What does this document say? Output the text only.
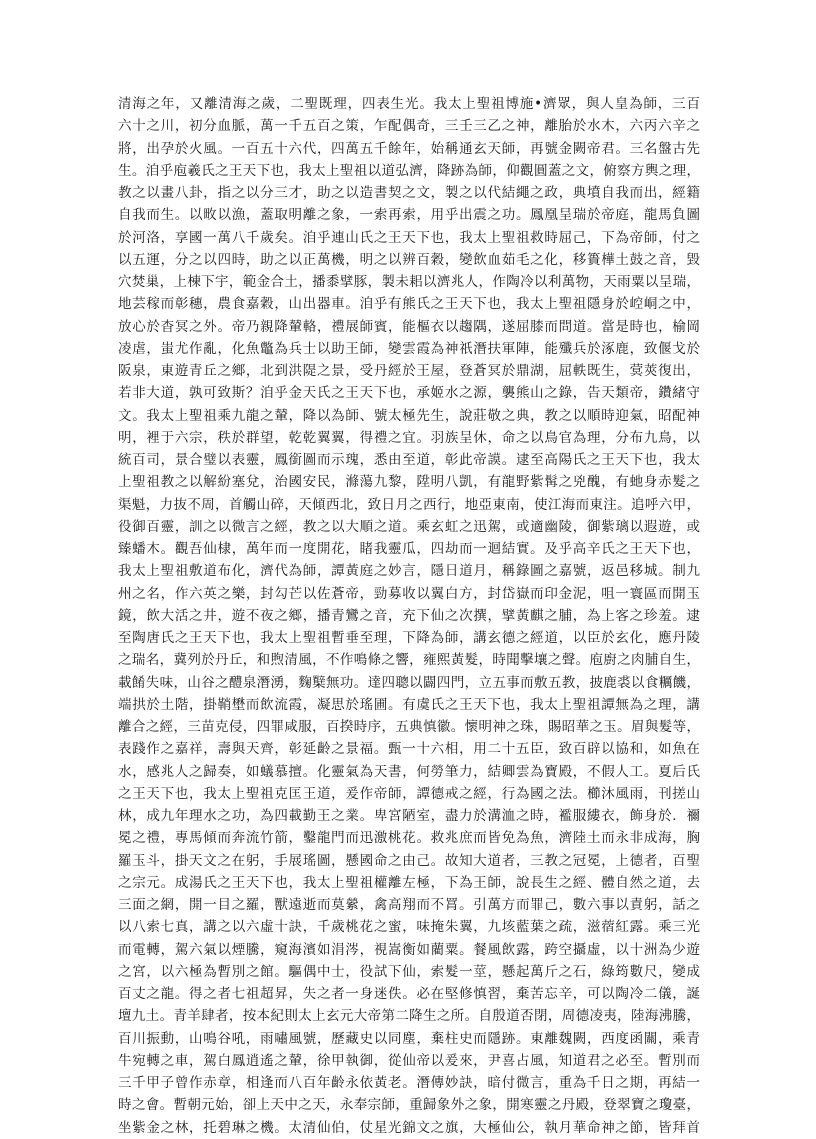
清海之年，又離清海之歲，二聖既理，四表生光。我太上聖祖博施•濟眾，與人皇為師，三百
六十之川，初分血脈，萬一千五百之策，乍配偶奇，三壬三乙之神，離胎於水木，六丙六辛之
將，出孕於火風。一百五十六代，四萬五千餘年，始稱通玄天師，再號金闕帝君。三名盤古先
生。洎乎庖羲氏之王天下也，我太上聖祖以道弘濟，降跡為師，仰觀圓蓋之文，俯察方輿之理，
教之以畫八卦，指之以分三才，助之以造書契之文，製之以代結繩之政，典墳自我而出，經籍
自我而生。以畋以漁，蓋取明離之象，一索再索，用乎出震之功。鳳凰呈瑞於帝庭，龍馬負圖
於河洛，享國一萬八千歲矣。洎乎連山氏之王天下也，我太上聖祖救時屈己，下為帝師，付之
以五運，分之以四時，助之以正萬機，明之以辨百穀，變飲血茹毛之化，移簣樺土鼓之音，毀
穴焚巢，上棟下宇，範金合土，播黍擘豚，製未耜以濟兆人，作陶冷以利萬物，天雨粟以呈瑞，
地芸稼而彰穗，農食嘉穀，山出器車。洎乎有熊氏之王天下也，我太上聖祖隱身於崆峒之中，
放心於杳冥之外。帝乃親降輦輅，禮展師賓，能樞衣以趨隅，遂屈膝而問道。當是時也，榆岡
凌虐，蚩尤作亂，化魚鼈為兵士以助王師，變雲霞為神祇潛扶軍陣，能殲兵於涿鹿，致偃戈於
阪泉，東遊青丘之鄉，北到洪隄之景，受丹經於王屋，登蒼冥於鼎湖，屈軼既生，蓂莢復出，
若非大道，孰可致斯？洎乎金天氏之王天下也，承姬水之源，襲熊山之錄，告天類帝，鑽緒守
文。我太上聖祖乘九龍之輦，降以為師、號太極先生，說莊敬之典，教之以順時迎氣，昭配神
明，裡于六宗，秩於群望，乾乾翼翼，得禮之宜。羽族呈休，命之以鳥官為理，分布九鳥，以
統百司，景合璧以表靈，鳳銜圖而示瑰，悉由至道，彰此帝謨。逮至高陽氏之王天下也，我太
上聖祖教之以解紛塞兌，治國安民，滌蕩九黎，陞明八凱，有龍野紫髯之兇醜，有虵身赤髮之
渠魁，力抜不周，首觸山碎，天傾西北，致日月之西行，地亞東南，使江海而東注。追呼六甲，
役御百靈，訓之以微言之經，教之以大順之道。乘玄虹之迅駕，或適幽陵，御紫璃以遐遊，或
臻蟠木。觀吾仙棣，萬年而一度開花，睹我靈瓜，四劫而一迴結實。及乎高辛氏之王天下也，
我太上聖祖敷道布化，濟代為師，譚黃庭之妙言，隱日道月，稱錄圖之嘉號，返邑移城。制九
州之名，作六英之樂，封勾芒以佐蒼帝，勁募收以翼白方，封岱嶽而印金泥，咀一寰區而開玉
鏡，飲大活之井，遊不夜之鄉，播青鸞之音，充下仙之次撰，擘黃麒之脯，為上客之珍羞。逮
至陶唐氏之王天下也，我太上聖祖暫垂至理，下降為師，講玄德之經道，以臣於玄化，應丹陵
之瑞名，冀列於丹丘，和煦清風，不作鳴條之響，雍熙黃髮，時聞擊壤之聲。庖廚之肉脯自生，
載餚失味，山谷之醴泉潛湧，麴櫱無功。達四聰以闢四門，立五事而敷五教，披鹿裘以食糲饑，
端拱於土階，掛鞘壄而飲流霞，凝思於瑤圃。有虞氏之王天下也，我太上聖祖譚無為之理，講
離合之經，三苗克侵，四罪咸服，百揆時序，五典慎徽。懷明神之珠，賜昭華之玉。眉與髮等，
表踐作之嘉祥，壽與天齊，彰延齡之景福。甄一十六相，用二十五臣，致百辟以協和，如魚在
水，感兆人之歸奏，如蟻慕擅。化靈氣為天書，何勞筆力，結卿雲為寶殿，不假人工。夏后氏
之王天下也，我太上聖祖克匡王道，爰作帝師，譚德戒之經，行為國之法。櫛沐風雨，刊搓山
林，成九年理水之功，為四載勤王之業。卑宮陋室，盡力於溝洫之時，襤服縷衣，飾身於．禰
冕之禮，專馬傾而奔流竹箭，鑿龍門而迅激桃花。救兆庶而皆免為魚，濟陸土而永非成海，胸
羅玉斗，掛天文之在躬，手展瑤圖，懸國命之由己。故知大道者，三教之冠冕，上德者，百聖
之宗元。成湯氏之王天下也，我太上聖祖權離左極，下為王師，說長生之經、體自然之道，去
三面之網，開一目之羅，獸遠逝而莫縈，禽高翔而不罥。引萬方而罪己，數六事以責躬，話之
以八索七真，講之以六虛十訣，千歲桃花之蜜，味掩朱翼，九垓藍葉之疏，滋蓿紅露。乘三光
而電轉，駕六氣以煙騰，窺海濱如涓涔，視嵩衡如藺粟。餐風飲露，跨空攝虛，以十洲為少遊
之宮，以六極為暫別之館。驅偶中士，役試下仙，索髮一莖，懸起萬斤之石，綠筠數尺，變成
百丈之龍。得之者七祖超昇，失之者一身迷佚。必在堅修慎習，棄苦忘辛，可以陶冷二儀，誕
壇九土。青羊肆者，按本紀則太上玄元大帝第二降生之所。自殷道否閉，周德凌夷，陸海沸騰，
百川振動，山鳴谷吼，雨嘯風號，歷藏史以同塵，棄柱史而隱跡。東離魏闕，西度函關，乘青
牛宛轉之車，駕白鳳逍遙之輦，徐甲執御，從仙帝以爰來，尹喜占風，知道君之必至。暫別而
三千甲子曾作赤章，相逢而八百年齡永依黃老。潛傳妙訣，暗付微言，重為千日之期，再結一
時之會。暫朝元始，卻上天中之天，永奉宗師，重歸象外之象，開寒靈之丹殿，登翠寶之瓊臺，
坐紫金之林，托碧琳之機。太清仙伯，仗星光錦文之旗，大極仙公，執月華命神之節，皆拜首
